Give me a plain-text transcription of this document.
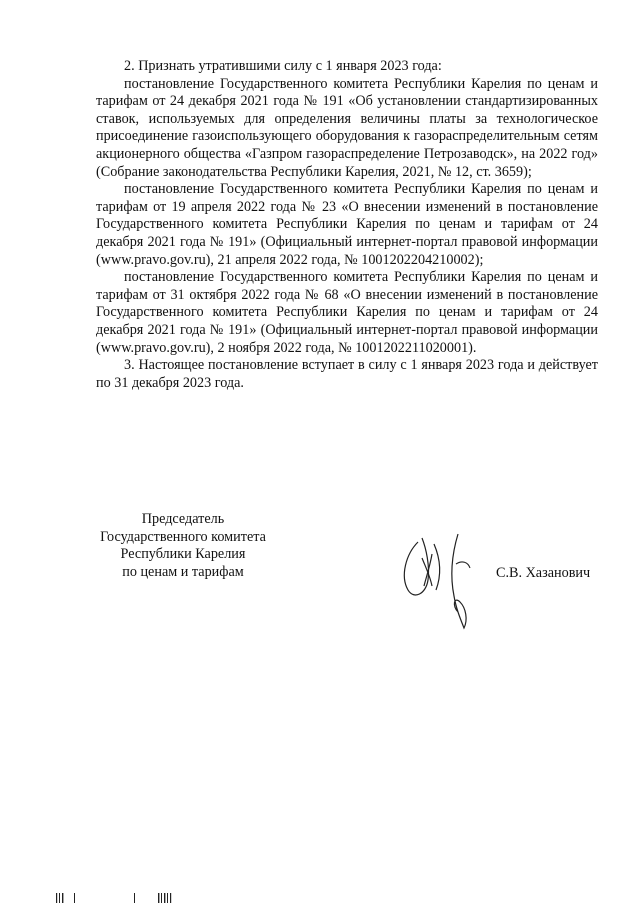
2. Признать утратившими силу с 1 января 2023 года:

постановление Государственного комитета Республики Карелия по ценам и тарифам от 24 декабря 2021 года № 191 «Об установлении стандартизированных ставок, используемых для определения величины платы за технологическое присоединение газоиспользующего оборудования к газораспределительным сетям акционерного общества «Газпром газораспределение Петрозаводск», на 2022 год» (Собрание законодательства Республики Карелия, 2021, № 12, ст. 3659);

постановление Государственного комитета Республики Карелия по ценам и тарифам от 19 апреля 2022 года № 23 «О внесении изменений в постановление Государственного комитета Республики Карелия по ценам и тарифам от 24 декабря 2021 года № 191» (Официальный интернет-портал правовой информации (www.pravo.gov.ru), 21 апреля 2022 года, № 1001202204210002);

постановление Государственного комитета Республики Карелия по ценам и тарифам от 31 октября 2022 года № 68 «О внесении изменений в постановление Государственного комитета Республики Карелия по ценам и тарифам от 24 декабря 2021 года № 191» (Официальный интернет-портал правовой информации (www.pravo.gov.ru), 2 ноября 2022 года, № 1001202211020001).

3. Настоящее постановление вступает в силу с 1 января 2023 года и действует по 31 декабря 2023 года.

Председатель
Государственного комитета
Республики Карелия
по ценам и тарифам	С.В. Хазанович
